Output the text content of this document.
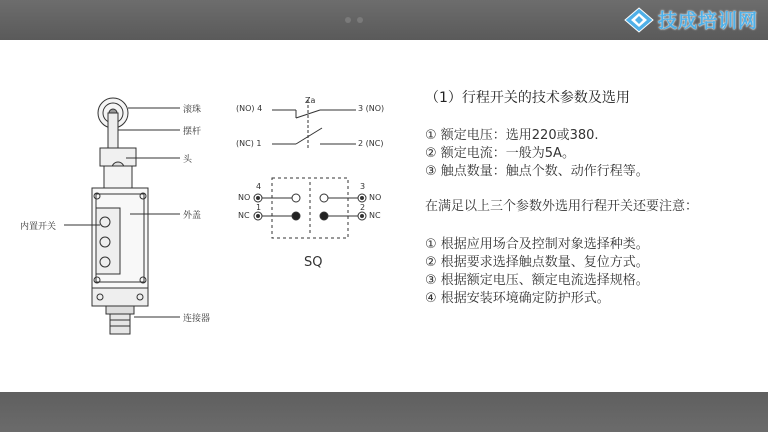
技成培训网
滚珠
摆杆
头
外盖
内置开关
连接器
(NO) 4
(NC) 1
Za
3 (NO)
2 (NC)
4
NO
1
NC
3
NO
2
NC
SQ
（1）行程开关的技术参数及选用
① 额定电压：选用220或380.
② 额定电流：一般为5A。
③ 触点数量：触点个数、动作行程等。
在满足以上三个参数外选用行程开关还要注意：
① 根据应用场合及控制对象选择种类。
② 根据要求选择触点数量、复位方式。
③ 根据额定电压、额定电流选择规格。
④ 根据安装环境确定防护形式。
